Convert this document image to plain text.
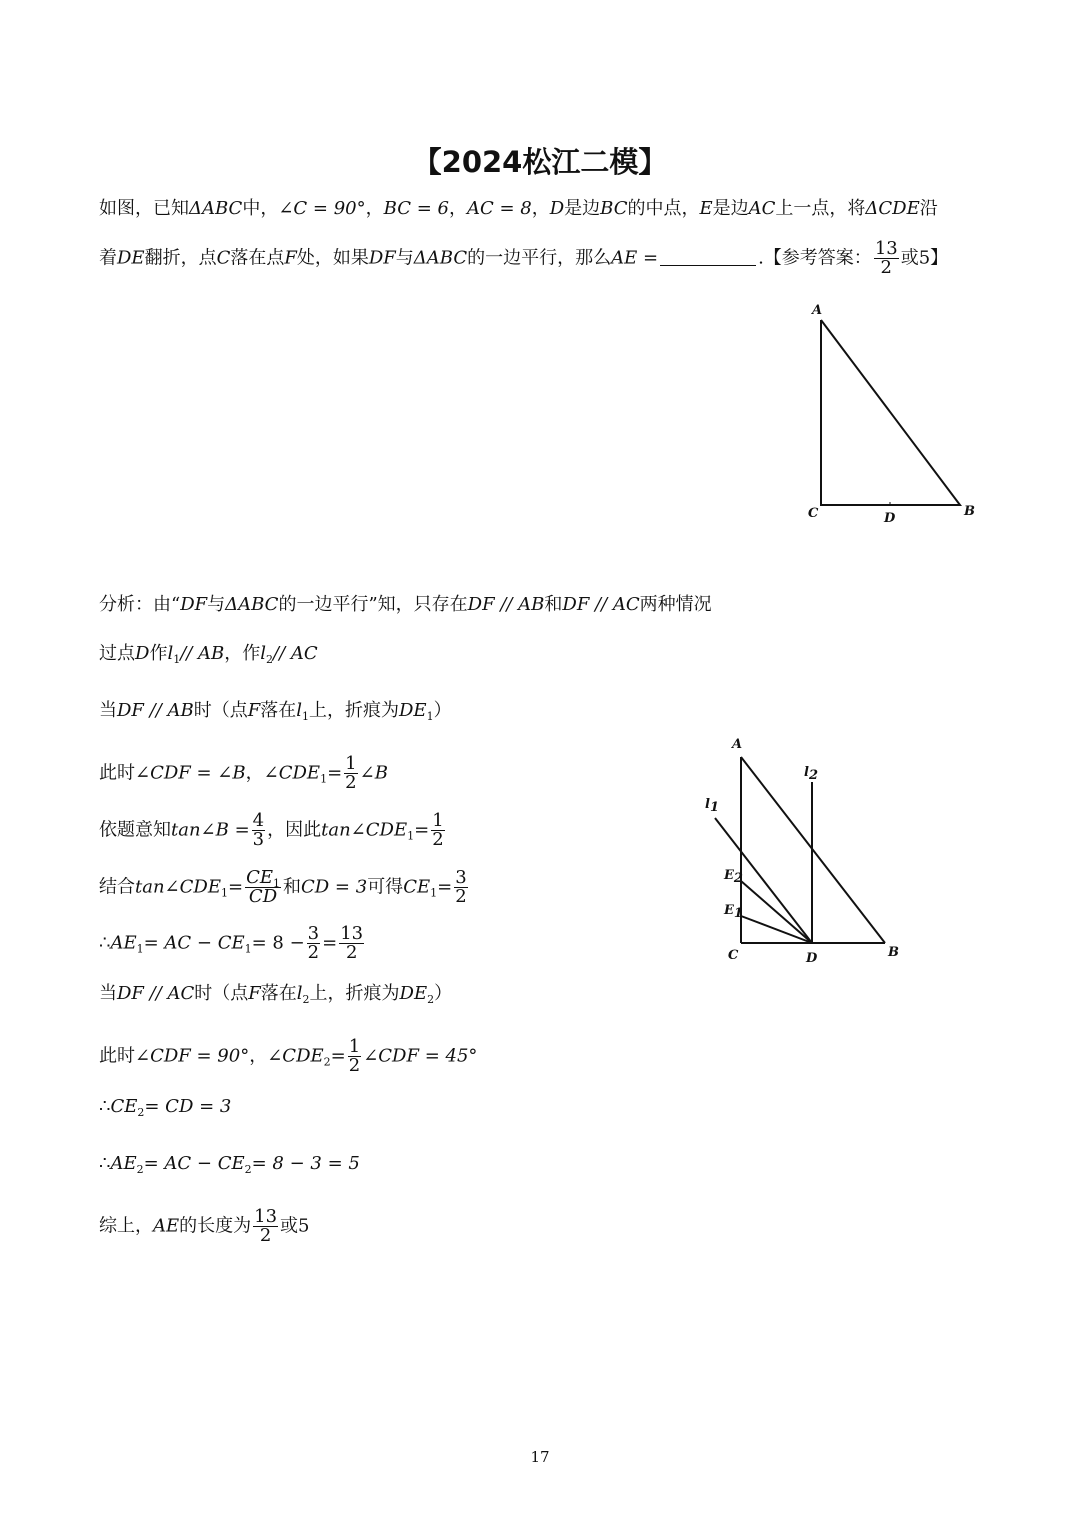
【2024松江二模】
如图，已知ΔABC中，∠C = 90°，BC = 6，AC = 8，D是边BC的中点，E是边AC上一点，将ΔCDE沿
着DE翻折，点C落在点F处，如果DF与ΔABC的一边平行，那么AE =	.【参考答案： $\frac{13}{2}$ 或5】
A
C	D	B
分析：由“DF与ΔABC的一边平行”知，只存在DF // AB和DF // AC两种情况
过点D作$l_1//$ AB，作$l_2//$ AC
当DF // AB时（点F落在$l_1$上，折痕为$DE_1$）
此时∠CDF = ∠B，$\angle CDE_1= \frac{1}{2}$ ∠B
依题意知tan∠B = $\frac{4}{3}$ ，因此$\tan\angle CDE_1= \frac{1}{2}$
结合$\tan\angle CDE_1= \frac{CE_1}{CD}$ 和CD = 3可得$CE_1= \frac{3}{2}$
$\therefore AE_1=$ AC − $CE_1= 8 - \frac{3}{2} = \frac{13}{2}$
当DF // AC时（点F落在$l_2$上，折痕为$DE_2$）
此时∠CDF = 90°，$\angle CDE_2= \frac{1}{2}$ ∠CDF = 45°
$\therefore CE_2=$ CD = 3
$\therefore AE_2=$ AC − $CE_2= 8 - 3 = 5$
综上，AE的长度为 $\frac{13}{2}$ 或5
A
l2
l1
E2
E1
C	D	B
17
